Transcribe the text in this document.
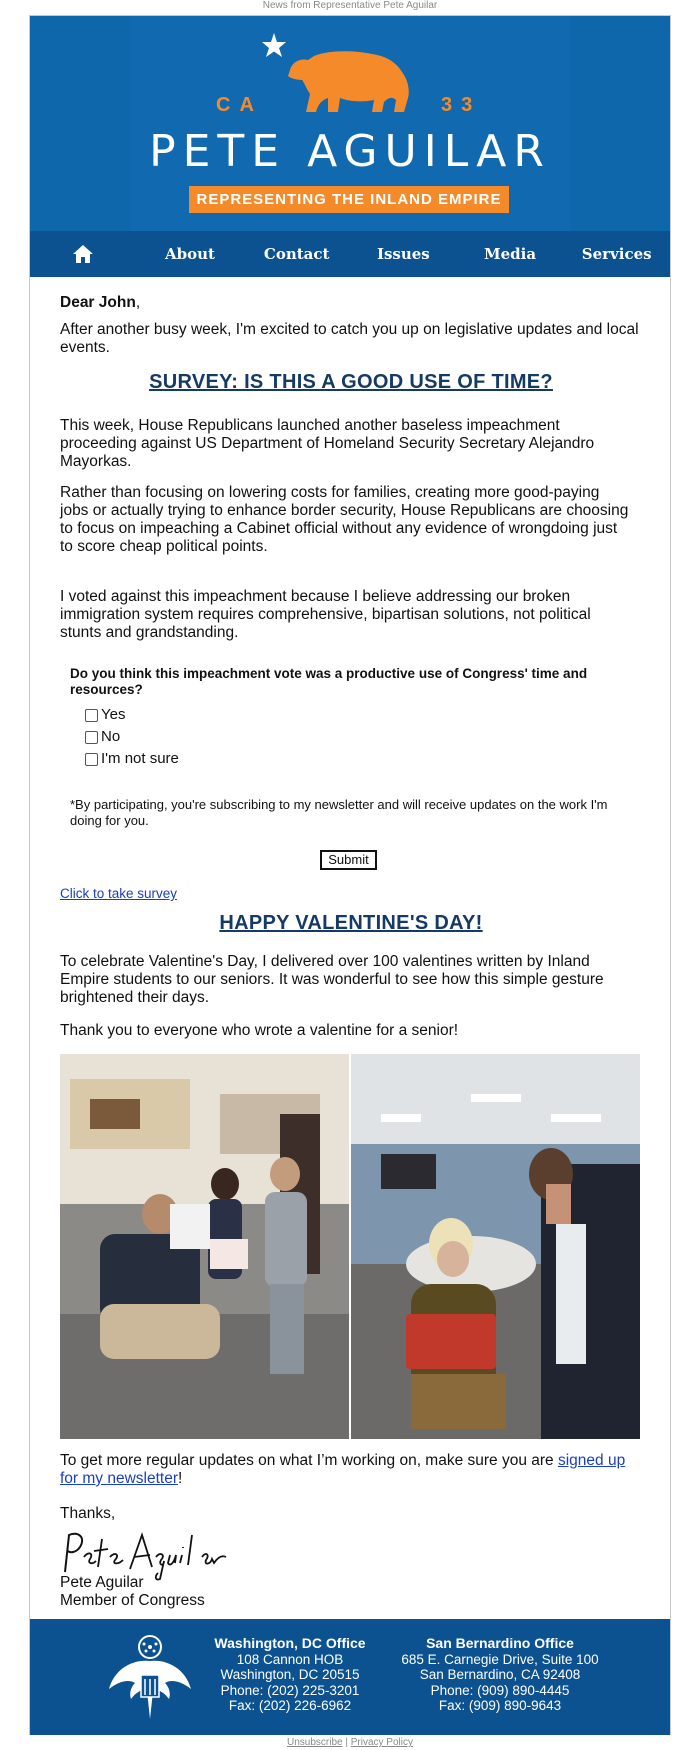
News from Representative Pete Aguilar
CA	33
PETE AGUILAR
REPRESENTING THE INLAND EMPIRE
About	Contact	Issues	Media	Services

Dear John,

After another busy week, I'm excited to catch you up on legislative updates and local events.

SURVEY: IS THIS A GOOD USE OF TIME?

This week, House Republicans launched another baseless impeachment proceeding against US Department of Homeland Security Secretary Alejandro Mayorkas.

Rather than focusing on lowering costs for families, creating more good-paying jobs or actually trying to enhance border security, House Republicans are choosing to focus on impeaching a Cabinet official without any evidence of wrongdoing just to score cheap political points.

I voted against this impeachment because I believe addressing our broken immigration system requires comprehensive, bipartisan solutions, not political stunts and grandstanding.

Do you think this impeachment vote was a productive use of Congress' time and resources?
Yes
No
I'm not sure
*By participating, you're subscribing to my newsletter and will receive updates on the work I'm doing for you.
Submit
Click to take survey
HAPPY VALENTINE'S DAY!

To celebrate Valentine's Day, I delivered over 100 valentines written by Inland Empire students to our seniors. It was wonderful to see how this simple gesture brightened their days.

Thank you to everyone who wrote a valentine for a senior!

To get more regular updates on what I’m working on, make sure you are signed up for my newsletter!

Thanks,

Pete Aguilar

Member of Congress

Washington, DC Office
108 Cannon HOB
Washington, DC 20515
Phone: (202) 225-3201
Fax: (202) 226-6962
San Bernardino Office
685 E. Carnegie Drive, Suite 100
San Bernardino, CA 92408
Phone: (909) 890-4445
Fax: (909) 890-9643
Unsubscribe | Privacy Policy
